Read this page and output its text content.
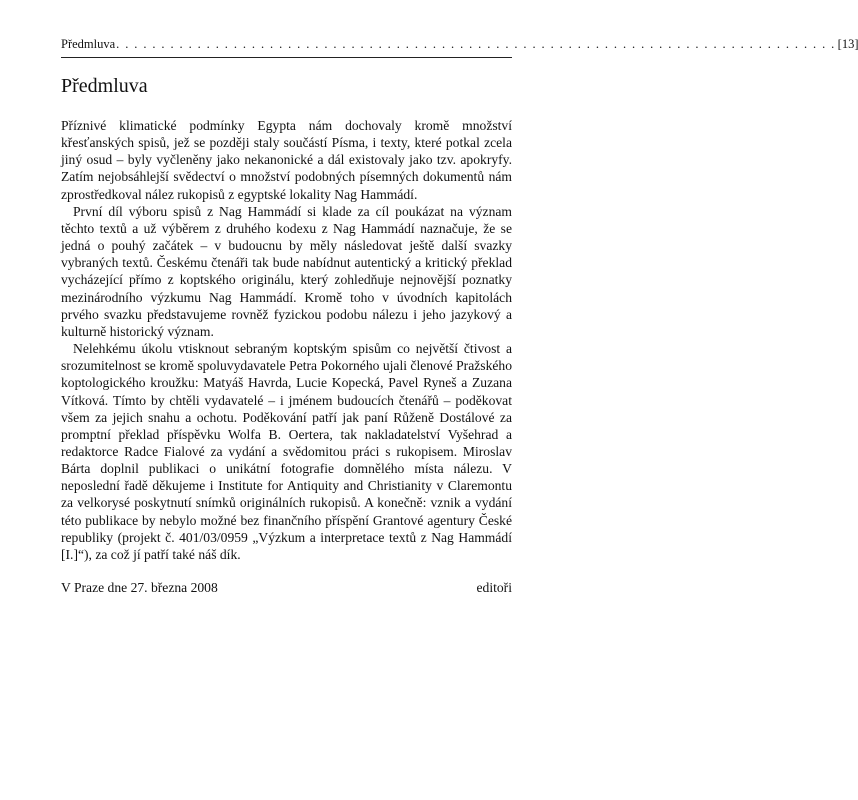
Předmluva . . . . . . . . . . . . . . . . . . . . . . . . . . . . . . . . . . . . . . . . . . . . . . . . . . . . . . . . . . . . . . . . . . . . . . . . . . . . . . . . [13]
Předmluva

Příznivé klimatické podmínky Egypta nám dochovaly kromě množství křesťanských spisů, jež se později staly součástí Písma, i texty, které potkal zcela jiný osud – byly vyčleněny jako nekanonické a dál existovaly jako tzv. apokryfy. Zatím nejobsáhlejší svědectví o množství podobných písemných dokumentů nám zprostředkoval nález rukopisů z egyptské lokality Nag Hammádí.

První díl výboru spisů z Nag Hammádí si klade za cíl poukázat na význam těchto textů a už výběrem z druhého kodexu z Nag Hammádí naznačuje, že se jedná o pouhý začátek – v budoucnu by měly následovat ještě další svazky vybraných textů. Českému čtenáři tak bude nabídnut autentický a kritický překlad vycházející přímo z koptského originálu, který zohledňuje nejnovější poznatky mezinárodního výzkumu Nag Hammádí. Kromě toho v úvodních kapitolách prvého svazku představujeme rovněž fyzickou podobu nálezu i jeho jazykový a kulturně historický význam.

Nelehkému úkolu vtisknout sebraným koptským spisům co největší čtivost a srozumitelnost se kromě spoluvydavatele Petra Pokorného ujali členové Pražského koptologického kroužku: Matyáš Havrda, Lucie Kopecká, Pavel Ryneš a Zuzana Vítková. Tímto by chtěli vydavatelé – i jménem budoucích čtenářů – poděkovat všem za jejich snahu a ochotu. Poděkování patří jak paní Růženě Dostálové za promptní překlad příspěvku Wolfa B. Oertera, tak nakladatelství Vyšehrad a redaktorce Radce Fialové za vydání a svědomitou práci s rukopisem. Miroslav Bárta doplnil publikaci o unikátní fotografie domnělého místa nálezu. V neposlední řadě děkujeme i Institute for Antiquity and Christianity v Claremontu za velkorysé poskytnutí snímků originálních rukopisů. A konečně: vznik a vydání této publikace by nebylo možné bez finančního příspění Grantové agentury České republiky (projekt č. 401/03/0959 „Výzkum a interpretace textů z Nag Hammádí [I.]“), za což jí patří také náš dík.

V Praze dne 27. března 2008	editoři
